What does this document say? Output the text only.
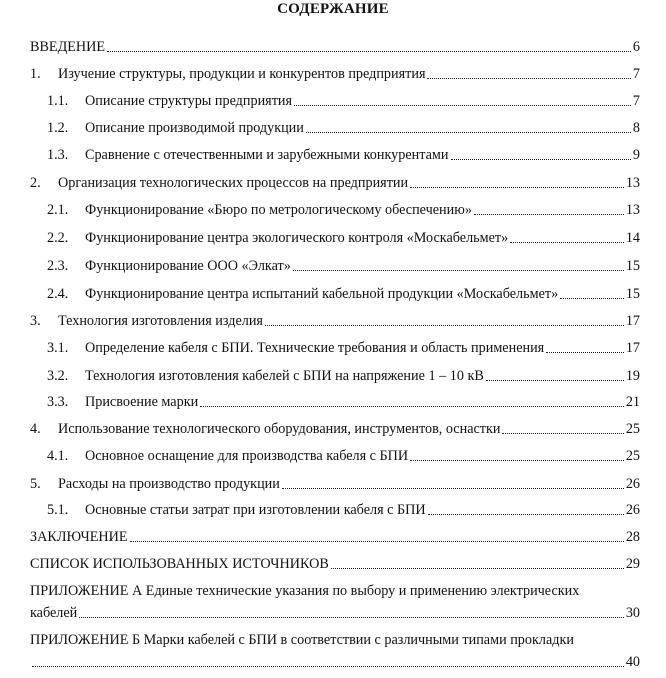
СОДЕРЖАНИЕ
ВВЕДЕНИЕ	6
1.	Изучение структуры, продукции и конкурентов предприятия	7
1.1.	Описание структуры предприятия	7
1.2.	Описание производимой продукции	8
1.3.	Сравнение с отечественными и зарубежными конкурентами	9
2.	Организация технологических процессов на предприятии	13
2.1.	Функционирование «Бюро по метрологическому обеспечению»	13
2.2.	Функционирование центра экологического контроля «Москабельмет»	14
2.3.	Функционирование ООО «Элкат»	15
2.4.	Функционирование центра испытаний кабельной продукции «Москабельмет»	15
3.	Технология изготовления изделия	17
3.1.	Определение кабеля с БПИ. Технические требования и область применения	17
3.2.	Технология изготовления кабелей с БПИ на напряжение 1 – 10 кВ	19
3.3.	Присвоение марки	21
4.	Использование технологического оборудования, инструментов, оснастки	25
4.1.	Основное оснащение для производства кабеля с БПИ	25
5.	Расходы на производство продукции	26
5.1.	Основные статьи затрат при изготовлении кабеля с БПИ	26
ЗАКЛЮЧЕНИЕ	28
СПИСОК ИСПОЛЬЗОВАННЫХ ИСТОЧНИКОВ	29
ПРИЛОЖЕНИЕ А Единые технические указания по выбору и применению электрических
кабелей	30
ПРИЛОЖЕНИЕ Б Марки кабелей с БПИ в соответствии с различными типами прокладки
40
